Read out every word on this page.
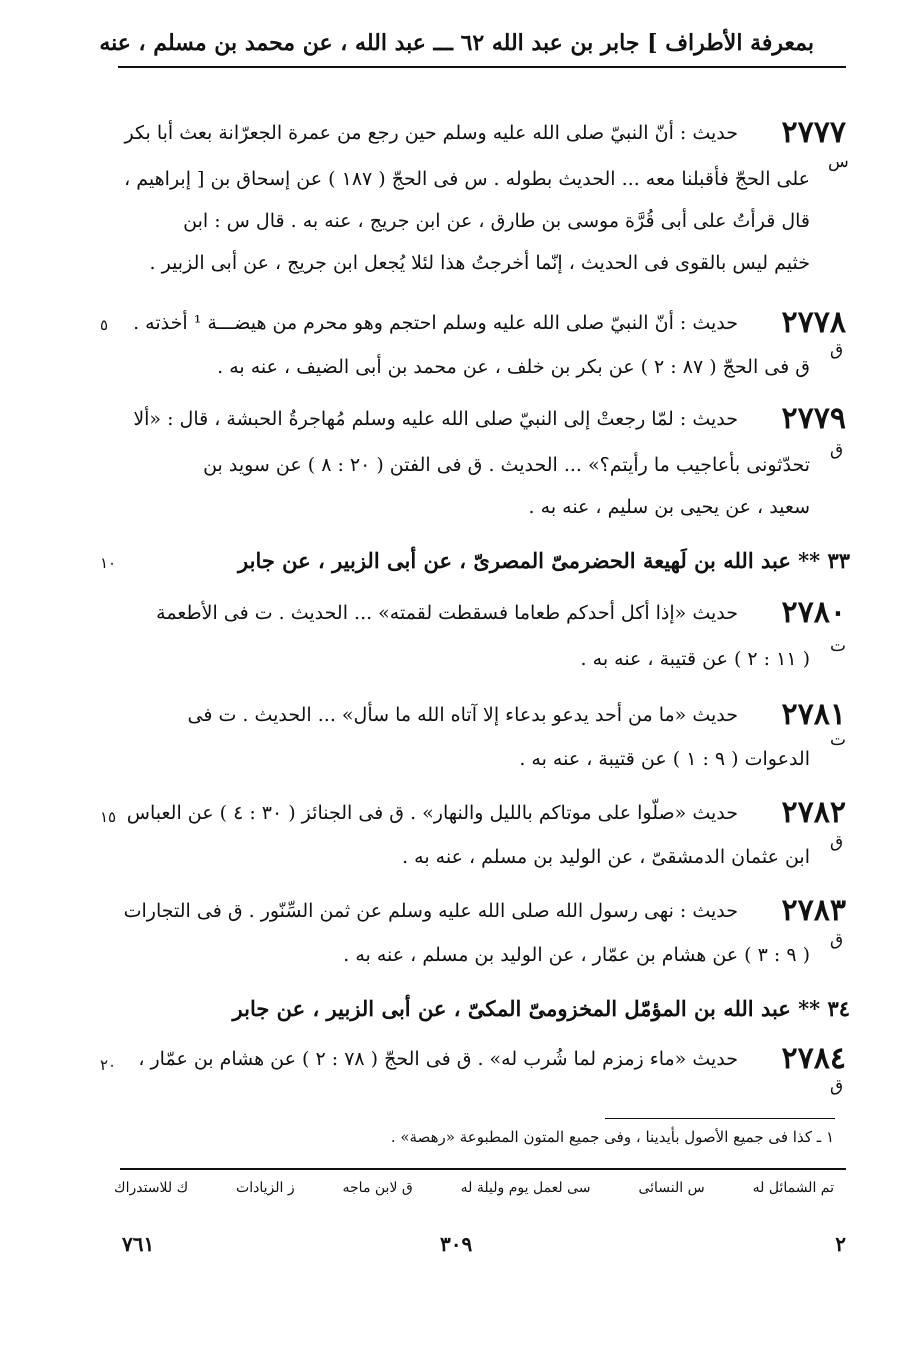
بمعرفة الأطراف ] جابر بن عبد الله ٦٢ ـــ عبد الله ، عن محمد بن مسلم ، عنه
٢٧٧٧
حديث : أنّ النبيّ صلى الله عليه وسلم حين رجع من عمرة الجعرّانة بعث أبا بكر
على الحجّ فأقبلنا معه ... الحديث بطوله . س فى الحجّ ( ١٨٧ ) عن إسحاق بن [ إبراهيم ،
قال قرأتُ على أبى قُرَّة موسى بن طارق ، عن ابن جريج ، عنه به . قال س : ابن
خثيم ليس بالقوى فى الحديث ، إنّما أخرجتُ هذا لئلا يُجعل ابن جريج ، عن أبى الزبير .
س
٢٧٧٨
حديث : أنّ النبيّ صلى الله عليه وسلم احتجم وهو محرم من هيضـــة ¹ أخذته .
ق فى الحجّ ( ٨٧ : ٢ ) عن بكر بن خلف ، عن محمد بن أبى الضيف ، عنه به .
ق
٥
٢٧٧٩
حديث : لمّا رجعتْ إلى النبيّ صلى الله عليه وسلم مُهاجرةُ الحبشة ، قال : «ألا
تحدّثونى بأعاجيب ما رأيتم؟» ... الحديث . ق فى الفتن ( ٢٠ : ٨ ) عن سويد بن
سعيد ، عن يحيى بن سليم ، عنه به .
ق
٣٣ ** عبد الله بن لَهيعة الحضرمىّ المصرىّ ، عن أبى الزبير ، عن جابر
١٠
٢٧٨٠
حديث «إذا أكل أحدكم طعاما فسقطت لقمته» ... الحديث . ت فى الأطعمة
( ١١ : ٢ ) عن قتيبة ، عنه به .
ت
٢٧٨١
حديث «ما من أحد يدعو بدعاء إلا آتاه الله ما سأل» ... الحديث . ت فى
الدعوات ( ٩ : ١ ) عن قتيبة ، عنه به .
ت
٢٧٨٢
حديث «صلّوا على موتاكم بالليل والنهار» . ق فى الجنائز ( ٣٠ : ٤ ) عن العباس
ابن عثمان الدمشقىّ ، عن الوليد بن مسلم ، عنه به .
ق
١٥
٢٧٨٣
حديث : نهى رسول الله صلى الله عليه وسلم عن ثمن السِّنّور . ق فى التجارات
( ٩ : ٣ ) عن هشام بن عمّار ، عن الوليد بن مسلم ، عنه به .
ق
٣٤ ** عبد الله بن المؤمّل المخزومىّ المكىّ ، عن أبى الزبير ، عن جابر
٢٧٨٤
حديث «ماء زمزم لما شُرب له» . ق فى الحجّ ( ٧٨ : ٢ ) عن هشام بن عمّار ،
ق
٢٠
١ ـ كذا فى جميع الأصول بأيدينا ، وفى جميع المتون المطبوعة «رهصة» .
تم الشمائل له
س النسائى
سى لعمل يوم وليلة له
ق لابن ماجه
ز الزيادات
ك للاستدراك
٢
٣٠٩
٧٦١
